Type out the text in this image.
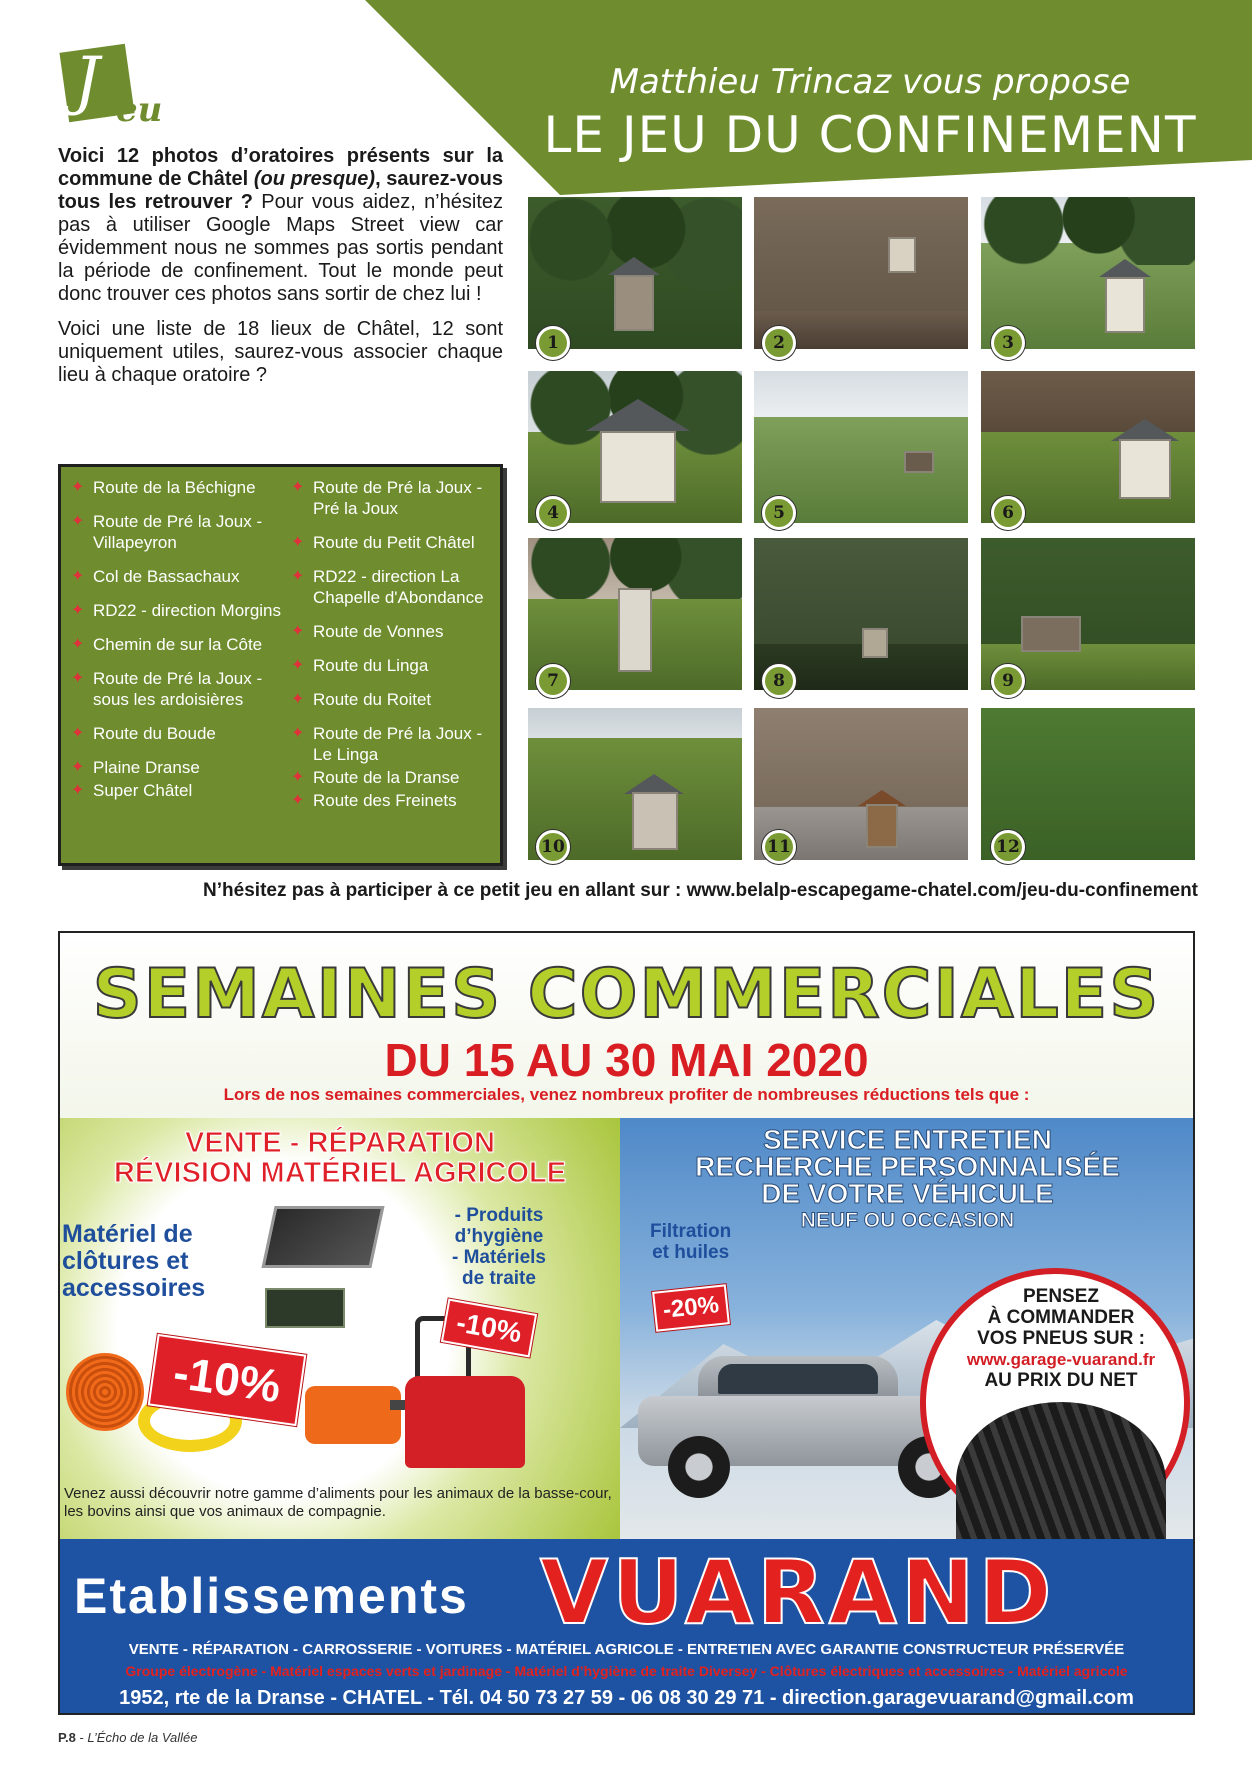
J eu
Matthieu Trincaz vous propose
LE JEU DU CONFINEMENT

Voici 12 photos d’oratoires présents sur la commune de Châtel (ou presque), saurez-vous tous les retrouver ? Pour vous aidez, n’hésitez pas à utiliser Google Maps Street view car évidemment nous ne sommes pas sortis pendant la période de confinement. Tout le monde peut donc trouver ces photos sans sortir de chez lui !

Voici une liste de 18 lieux de Châtel, 12 sont uniquement utiles, saurez-vous associer chaque lieu à chaque oratoire ?

✦ Route de la Béchigne
✦ Route de Pré la Joux - Villapeyron
✦ Col de Bassachaux
✦ RD22 - direction Morgins
✦ Chemin de sur la Côte
✦ Route de Pré la Joux - sous les ardoisières
✦ Route du Boude
✦ Plaine Dranse
✦ Super Châtel
✦ Route de Pré la Joux - Pré la Joux
✦ Route du Petit Châtel
✦ RD22 - direction La Chapelle d'Abondance
✦ Route de Vonnes
✦ Route du Linga
✦ Route du Roitet
✦ Route de Pré la Joux - Le Linga
✦ Route de la Dranse
✦ Route des Freinets
1	2	3
4	5	6
7	8	9
10	11	12
N’hésitez pas à participer à ce petit jeu en allant sur : www.belalp-escapegame-chatel.com/jeu-du-confinement
SEMAINES COMMERCIALES
DU 15 AU 30 MAI 2020
Lors de nos semaines commerciales, venez nombreux profiter de nombreuses réductions tels que :
VENTE - RÉPARATION
RÉVISION MATÉRIEL AGRICOLE
Matériel de
clôtures et
accessoires
- Produits
d’hygiène
- Matériels
de traite
-10%
-10%
Venez aussi découvrir notre gamme d’aliments pour les animaux de la basse-cour, les bovins ainsi que vos animaux de compagnie.
SERVICE ENTRETIEN
RECHERCHE PERSONNALISÉE
DE VOTRE VÉHICULE
NEUF OU OCCASION
Filtration
et huiles
-20%	PENSEZ
À COMMANDER
VOS PNEUS SUR :
www.garage-vuarand.fr
AU PRIX DU NET
Etablissements VUARAND
VENTE - RÉPARATION - CARROSSERIE - VOITURES - MATÉRIEL AGRICOLE - ENTRETIEN AVEC GARANTIE CONSTRUCTEUR PRÉSERVÉE
Groupe électrogène - Matériel espaces verts et jardinage - Matériel d’hygiène de traite Diversey - Clôtures électriques et accessoires - Matériel agricole
1952, rte de la Dranse - CHATEL - Tél. 04 50 73 27 59 - 06 08 30 29 71 - direction.garagevuarand@gmail.com
P.8 - L’Écho de la Vallée
